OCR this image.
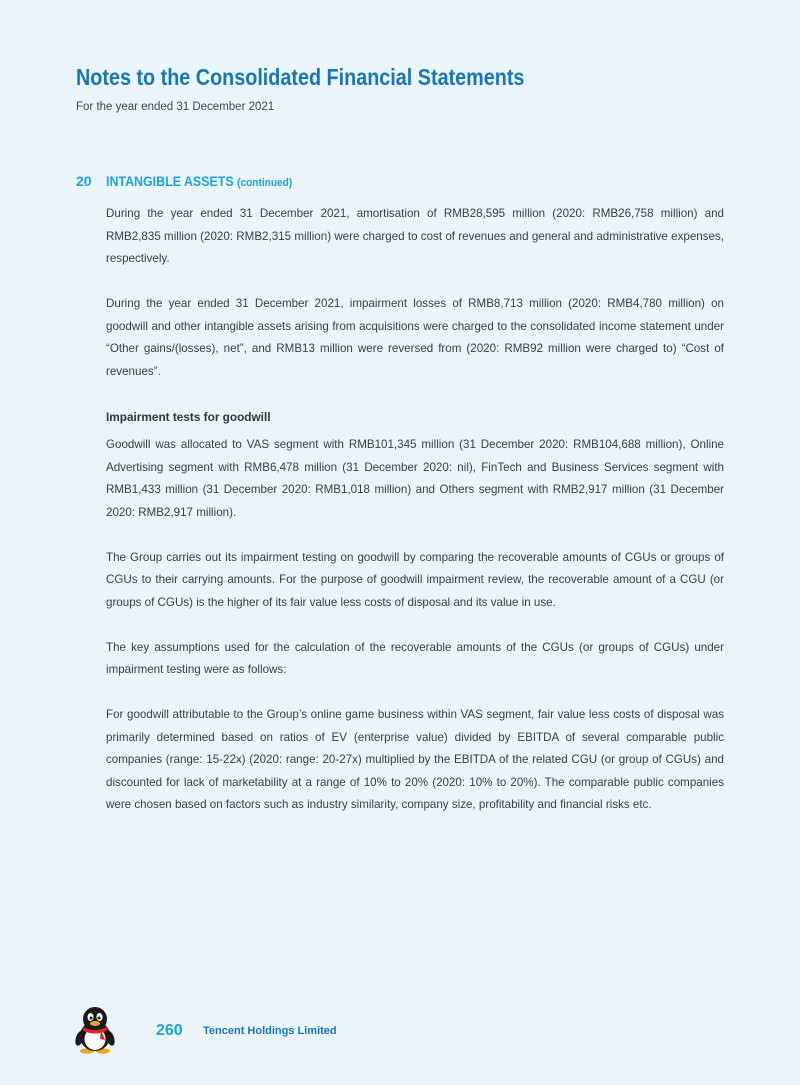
Notes to the Consolidated Financial Statements
For the year ended 31 December 2021
20	INTANGIBLE ASSETS (continued)

During the year ended 31 December 2021, amortisation of RMB28,595 million (2020: RMB26,758 million) and RMB2,835 million (2020: RMB2,315 million) were charged to cost of revenues and general and administrative expenses, respectively.

During the year ended 31 December 2021, impairment losses of RMB8,713 million (2020: RMB4,780 million) on goodwill and other intangible assets arising from acquisitions were charged to the consolidated income statement under “Other gains/(losses), net”, and RMB13 million were reversed from (2020: RMB92 million were charged to) “Cost of revenues”.

Impairment tests for goodwill

Goodwill was allocated to VAS segment with RMB101,345 million (31 December 2020: RMB104,688 million), Online Advertising segment with RMB6,478 million (31 December 2020: nil), FinTech and Business Services segment with RMB1,433 million (31 December 2020: RMB1,018 million) and Others segment with RMB2,917 million (31 December 2020: RMB2,917 million).

The Group carries out its impairment testing on goodwill by comparing the recoverable amounts of CGUs or groups of CGUs to their carrying amounts. For the purpose of goodwill impairment review, the recoverable amount of a CGU (or groups of CGUs) is the higher of its fair value less costs of disposal and its value in use.

The key assumptions used for the calculation of the recoverable amounts of the CGUs (or groups of CGUs) under impairment testing were as follows:

For goodwill attributable to the Group’s online game business within VAS segment, fair value less costs of disposal was primarily determined based on ratios of EV (enterprise value) divided by EBITDA of several comparable public companies (range: 15-22x) (2020: range: 20-27x) multiplied by the EBITDA of the related CGU (or group of CGUs) and discounted for lack of marketability at a range of 10% to 20% (2020: 10% to 20%). The comparable public companies were chosen based on factors such as industry similarity, company size, profitability and financial risks etc.

260 Tencent Holdings Limited
